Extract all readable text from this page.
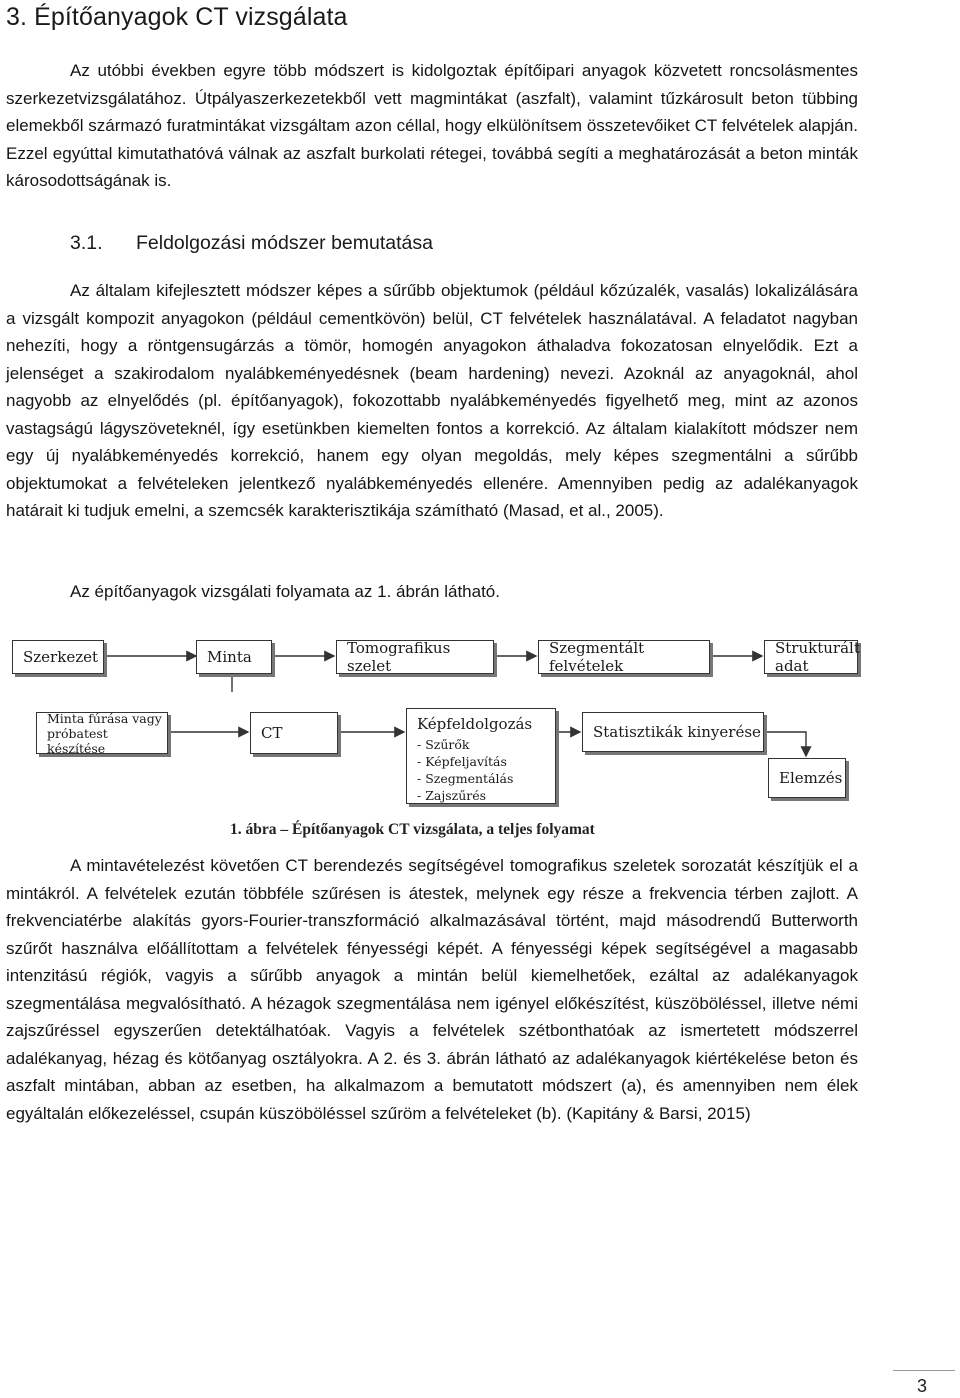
3. Építőanyagok CT vizsgálata

Az utóbbi években egyre több módszert is kidolgoztak építőipari anyagok közvetett roncsolásmentes szerkezetvizsgálatához. Útpályaszerkezetekből vett magmintákat (aszfalt), valamint tűzkárosult beton tübbing elemekből származó furatmintákat vizsgáltam azon céllal, hogy elkülönítsem összetevőiket CT felvételek alapján. Ezzel egyúttal kimutathatóvá válnak az aszfalt burkolati rétegei, továbbá segíti a meghatározását a beton minták károsodottságának is.

3.1. Feldolgozási módszer bemutatása

Az általam kifejlesztett módszer képes a sűrűbb objektumok (például kőzúzalék, vasalás) lokalizálására a vizsgált kompozit anyagokon (például cementkövön) belül, CT felvételek használatával. A feladatot nagyban nehezíti, hogy a röntgensugárzás a tömör, homogén anyagokon áthaladva fokozatosan elnyelődik. Ezt a jelenséget a szakirodalom nyalábkeményedésnek (beam hardening) nevezi. Azoknál az anyagoknál, ahol nagyobb az elnyelődés (pl. építőanyagok), fokozottabb nyalábkeményedés figyelhető meg, mint az azonos vastagságú lágyszöveteknél, így esetünkben kiemelten fontos a korrekció. Az általam kialakított módszer nem egy új nyalábkeményedés korrekció, hanem egy olyan megoldás, mely képes szegmentálni a sűrűbb objektumokat a felvételeken jelentkező nyalábkeményedés ellenére. Amennyiben pedig az adalékanyagok határait ki tudjuk emelni, a szemcsék karakterisztikája számítható (Masad, et al., 2005).

Az építőanyagok vizsgálati folyamata az 1. ábrán látható.
Szerkezet	Minta	Tomografikus szelet
Szegmentált felvételek
Strukturált adat
Minta fúrása vagy próbatest készítése
CT	Képfeldolgozás
- Szűrők
- Képfeljavítás
- Szegmentálás
- Zajszűrés
Statisztikák kinyerése
Elemzés
1. ábra – Építőanyagok CT vizsgálata, a teljes folyamat

A mintavételezést követően CT berendezés segítségével tomografikus szeletek sorozatát készítjük el a mintákról. A felvételek ezután többféle szűrésen is átestek, melynek egy része a frekvencia térben zajlott. A frekvenciatérbe alakítás gyors-Fourier-transzformáció alkalmazásával történt, majd másodrendű Butterworth szűrőt használva előállítottam a felvételek fényességi képét. A fényességi képek segítségével a magasabb intenzitású régiók, vagyis a sűrűbb anyagok a mintán belül kiemelhetőek, ezáltal az adalékanyagok szegmentálása megvalósítható. A hézagok szegmentálása nem igényel előkészítést, küszöböléssel, illetve némi zajszűréssel egyszerűen detektálhatóak. Vagyis a felvételek szétbonthatóak az ismertetett módszerrel adalékanyag, hézag és kötőanyag osztályokra. A 2. és 3. ábrán látható az adalékanyagok kiértékelése beton és aszfalt mintában, abban az esetben, ha alkalmazom a bemutatott módszert (a), és amennyiben nem élek egyáltalán előkezeléssel, csupán küszöböléssel szűröm a felvételeket (b). (Kapitány & Barsi, 2015)

3
